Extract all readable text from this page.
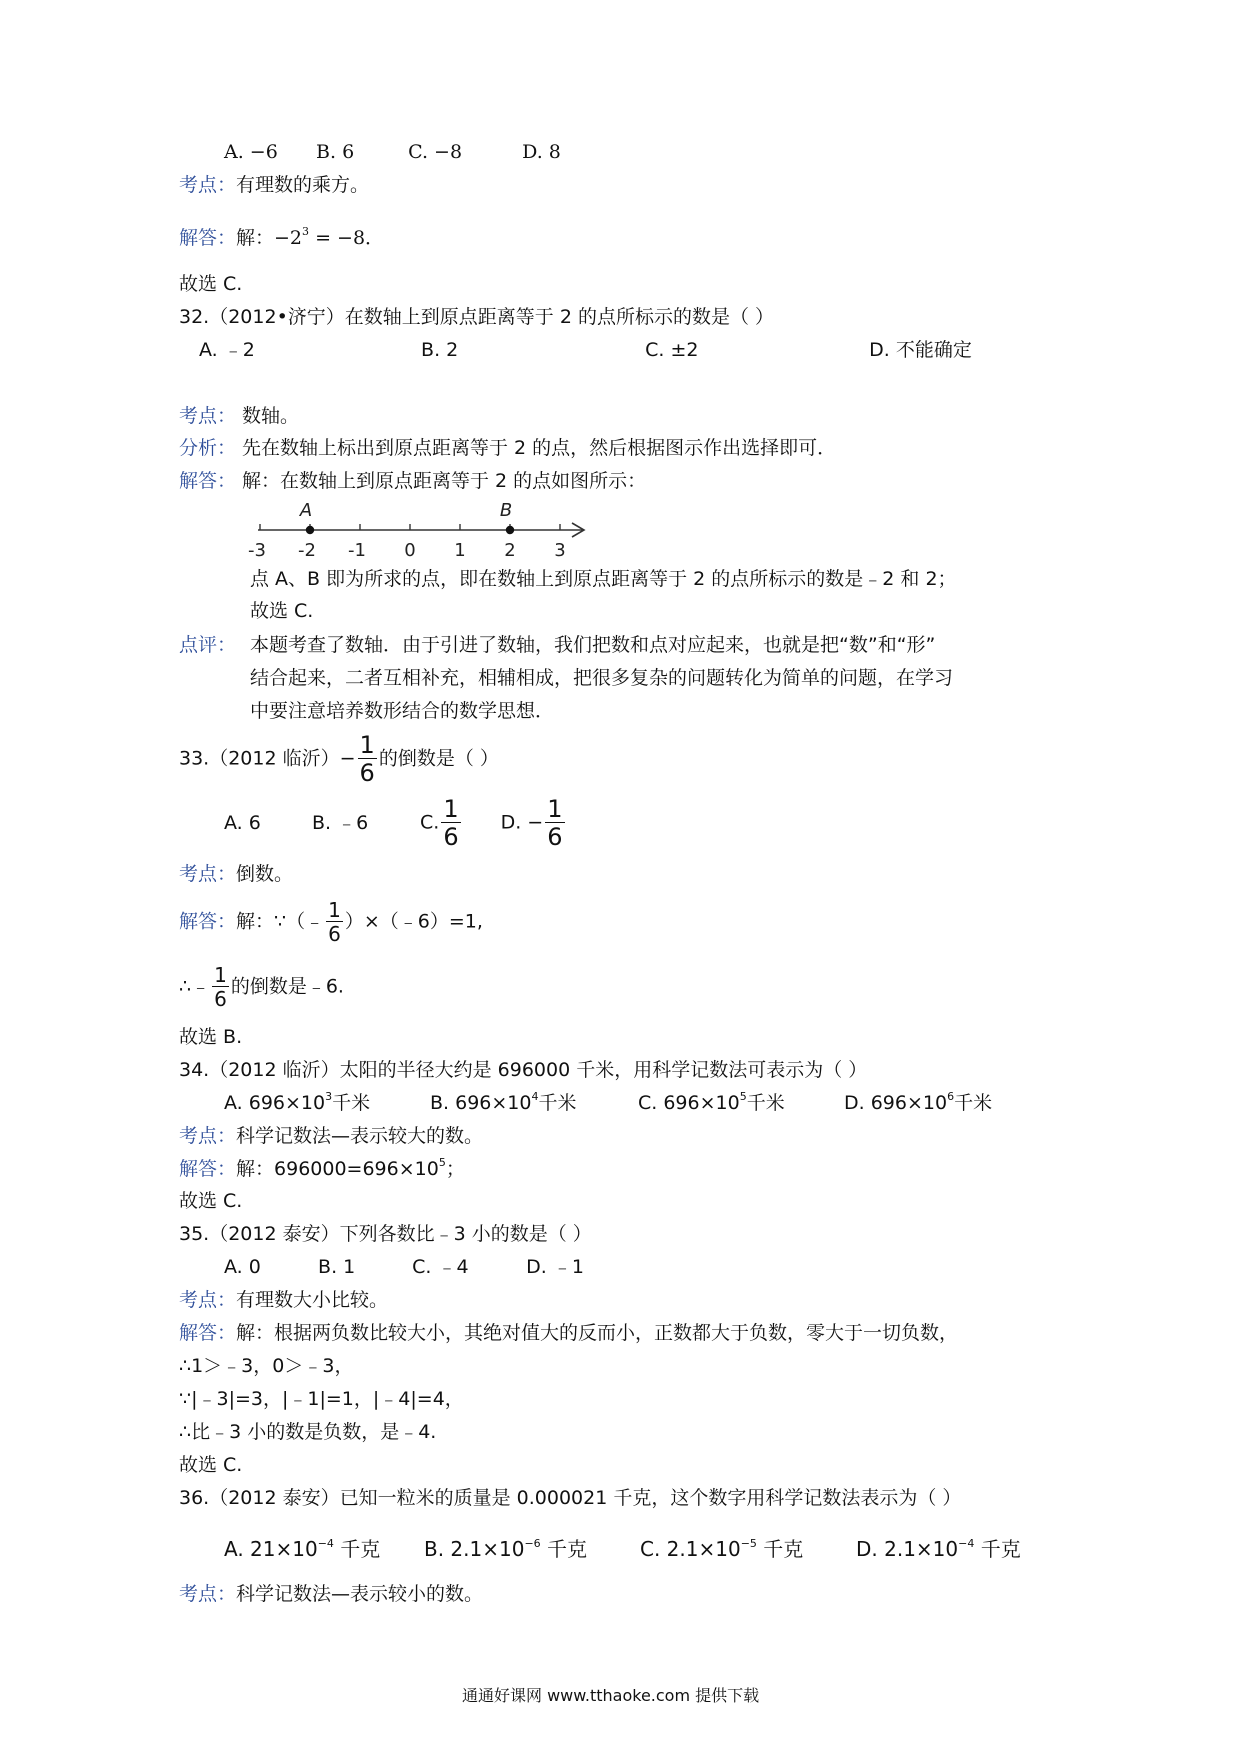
A. −6 B. 6	C. −8	D. 8
考点：有理数的乘方。
解答：解：$-2^3 = -8$．
故选 C.
32.（2012•济宁）在数轴上到原点距离等于 2 的点所标示的数是（ ）
A. ﹣2	B. 2	C. ±2	D. 不能确定
考点： 数轴。
分析： 先在数轴上标出到原点距离等于 2 的点，然后根据图示作出选择即可．
解答： 解：在数轴上到原点距离等于 2 的点如图所示：
A	B
-3 -2 -1 0 1 2 3
点 A、B 即为所求的点，即在数轴上到原点距离等于 2 的点所标示的数是﹣2 和 2；
故选 C.
点评： 本题考查了数轴．由于引进了数轴，我们把数和点对应起来，也就是把“数”和“形”
结合起来，二者互相补充，相辅相成，把很多复杂的问题转化为简单的问题，在学习
中要注意培养数形结合的数学思想．
33.（2012 临沂）− $\frac{1}{6}$ 的倒数是（ ）
A. 6	B. ﹣6	C. $\frac{1}{6} D$. − $\frac{1}{6}$
考点：倒数。
解答：解：∵（﹣ $\frac{1}{6}$ ）×（﹣6）=1,
∴﹣ $\frac{1}{6}$ 的倒数是﹣6.
故选 B.
34.（2012 临沂）太阳的半径大约是 696000 千米，用科学记数法可表示为（ ）
A. $696\times 10^3$千米	B. $696\times 10^4$千米	C. $696\times 10^5$千米	D. $696\times 10^6$千米
考点：科学记数法—表示较大的数。
解答：解：$696000=696\times 10^5$；
故选 C.
35.（2012 泰安）下列各数比﹣3 小的数是（ ）
A. 0	B. 1	C. ﹣4	D. ﹣1
考点：有理数大小比较。
解答：解：根据两负数比较大小，其绝对值大的反而小，正数都大于负数，零大于一切负数，
∴1＞﹣3，0＞﹣3，
∵|﹣3|=3，|﹣1|=1，|﹣4|=4，
∴比﹣3 小的数是负数，是﹣4.
故选 C.
36.（2012 泰安）已知一粒米的质量是 0.000021 千克，这个数字用科学记数法表示为（ ）
A. $21\times 10^{-4}$ 千克 B. $2.1\times 10^{-6}$ 千克	C. $2.1\times 10^{-5}$ 千克	D. $2.1\times 10^{-4}$ 千克
考点：科学记数法—表示较小的数。
通通好课网 www.tthaoke.com 提供下载
